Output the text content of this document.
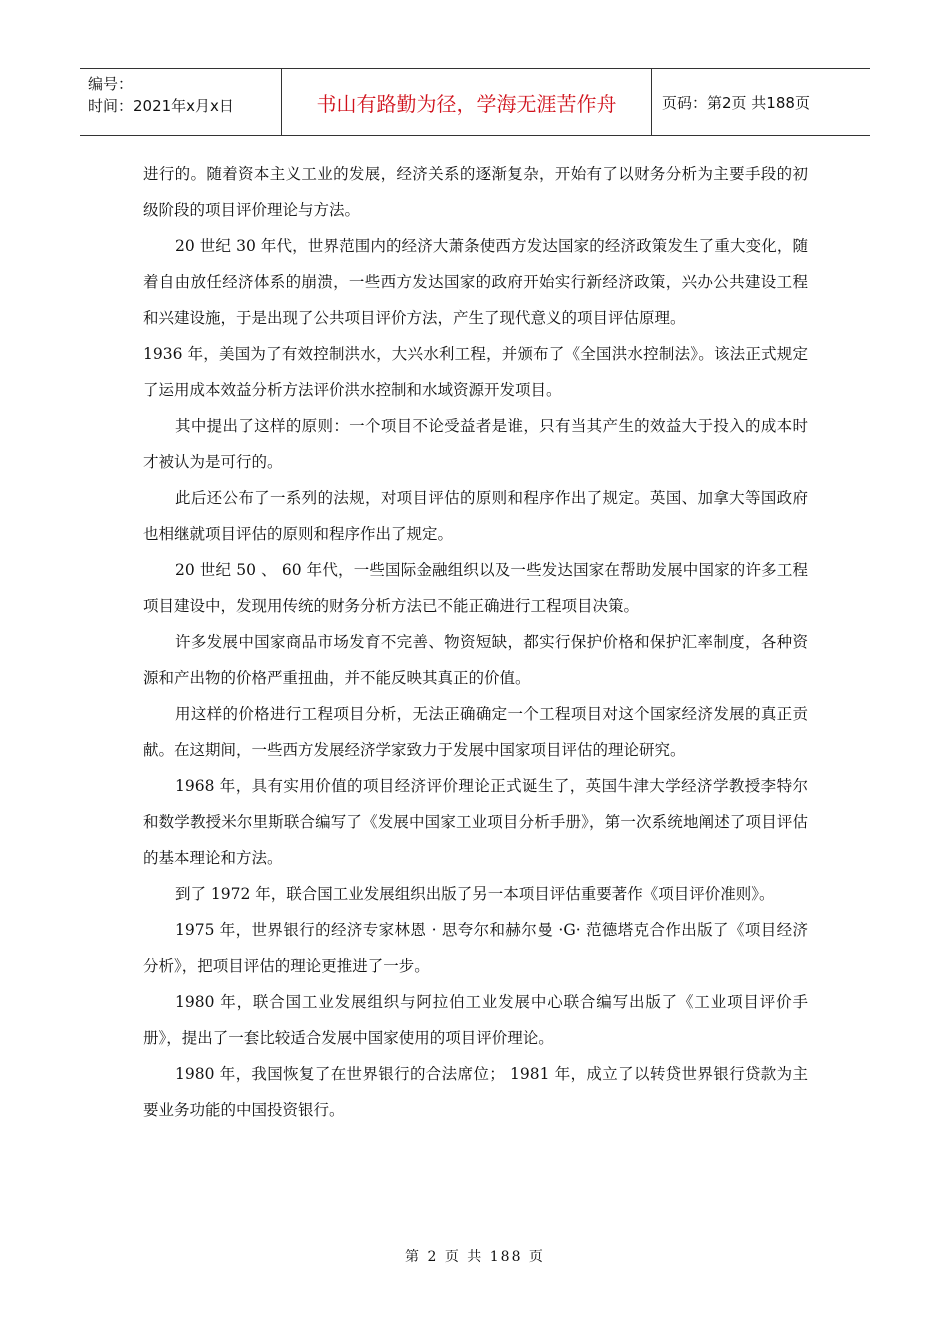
编号：
时间：2021年x月x日	书山有路勤为径，学海无涯苦作舟	页码：第2页 共188页

进行的。随着资本主义工业的发展，经济关系的逐渐复杂，开始有了以财务分析为主要手段的初级阶段的项目评价理论与方法。

20 世纪 30 年代，世界范围内的经济大萧条使西方发达国家的经济政策发生了重大变化，随着自由放任经济体系的崩溃，一些西方发达国家的政府开始实行新经济政策，兴办公共建设工程和兴建设施，于是出现了公共项目评价方法，产生了现代意义的项目评估原理。

1936 年，美国为了有效控制洪水，大兴水利工程，并颁布了《全国洪水控制法》。该法正式规定了运用成本效益分析方法评价洪水控制和水域资源开发项目。

其中提出了这样的原则：一个项目不论受益者是谁，只有当其产生的效益大于投入的成本时才被认为是可行的。

此后还公布了一系列的法规，对项目评估的原则和程序作出了规定。英国、加拿大等国政府也相继就项目评估的原则和程序作出了规定。

20 世纪 50 、 60 年代，一些国际金融组织以及一些发达国家在帮助发展中国家的许多工程项目建设中，发现用传统的财务分析方法已不能正确进行工程项目决策。

许多发展中国家商品市场发育不完善、物资短缺，都实行保护价格和保护汇率制度，各种资源和产出物的价格严重扭曲，并不能反映其真正的价值。

用这样的价格进行工程项目分析，无法正确确定一个工程项目对这个国家经济发展的真正贡献。在这期间，一些西方发展经济学家致力于发展中国家项目评估的理论研究。

1968 年，具有实用价值的项目经济评价理论正式诞生了，英国牛津大学经济学教授李特尔和数学教授米尔里斯联合编写了《发展中国家工业项目分析手册》，第一次系统地阐述了项目评估的基本理论和方法。

到了 1972 年，联合国工业发展组织出版了另一本项目评估重要著作《项目评价准则》。

1975 年，世界银行的经济专家林恩 · 思夸尔和赫尔曼 ·G· 范德塔克合作出版了《项目经济分析》，把项目评估的理论更推进了一步。

1980 年，联合国工业发展组织与阿拉伯工业发展中心联合编写出版了《工业项目评价手册》，提出了一套比较适合发展中国家使用的项目评价理论。

1980 年，我国恢复了在世界银行的合法席位； 1981 年，成立了以转贷世界银行贷款为主要业务功能的中国投资银行。

第 2 页 共 188 页
